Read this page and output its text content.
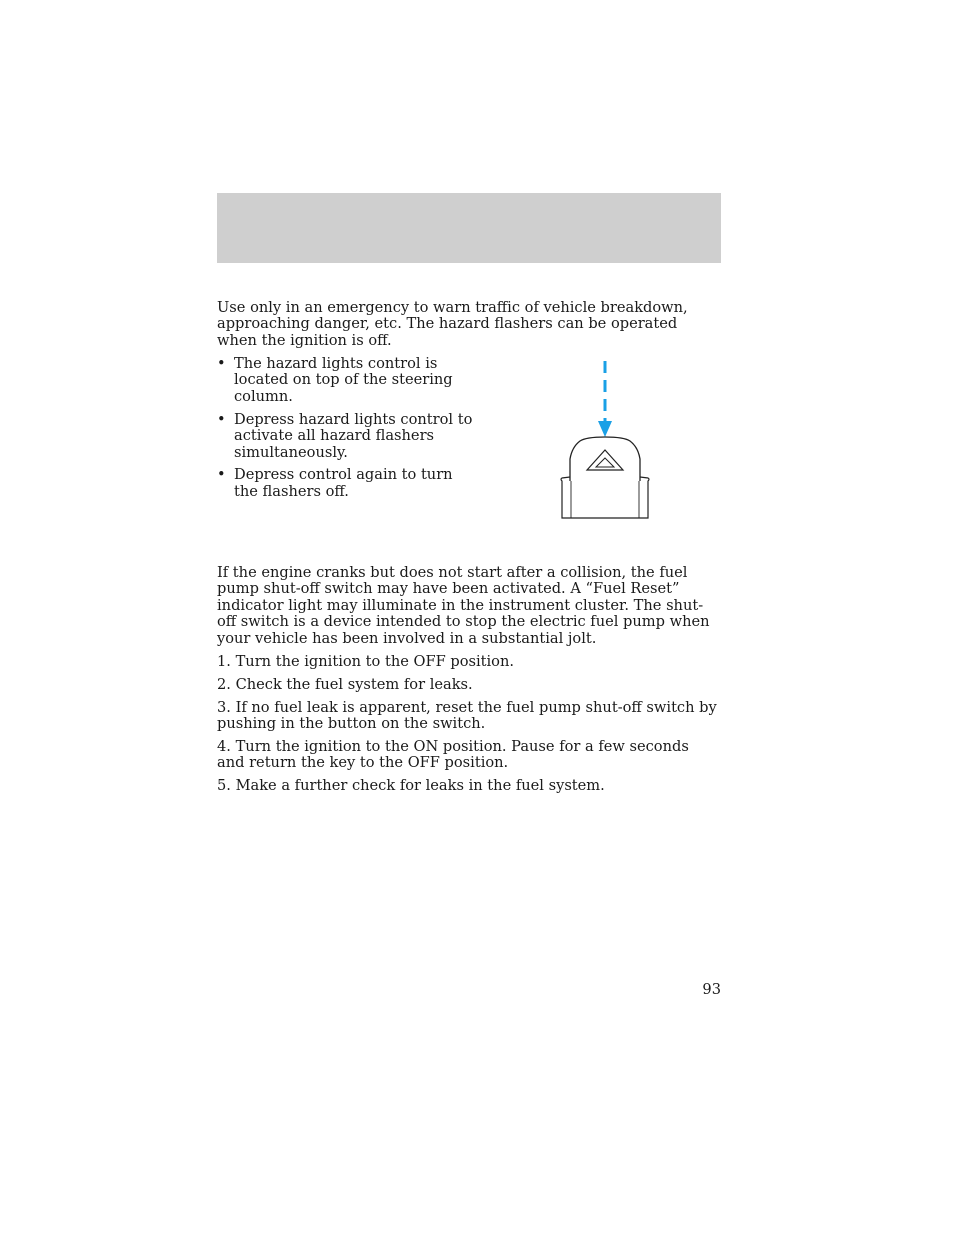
Use only in an emergency to warn traffic of vehicle breakdown, approaching danger, etc. The hazard flashers can be operated when the ignition is off.

• The hazard lights control is located on top of the steering column.
• Depress hazard lights control to activate all hazard flashers simultaneously.
• Depress control again to turn the flashers off.

If the engine cranks but does not start after a collision, the fuel pump shut-off switch may have been activated. A “Fuel Reset” indicator light may illuminate in the instrument cluster. The shut-off switch is a device intended to stop the electric fuel pump when your vehicle has been involved in a substantial jolt.

1. Turn the ignition to the OFF position.

2. Check the fuel system for leaks.

3. If no fuel leak is apparent, reset the fuel pump shut-off switch by pushing in the button on the switch.

4. Turn the ignition to the ON position. Pause for a few seconds and return the key to the OFF position.

5. Make a further check for leaks in the fuel system.

93
